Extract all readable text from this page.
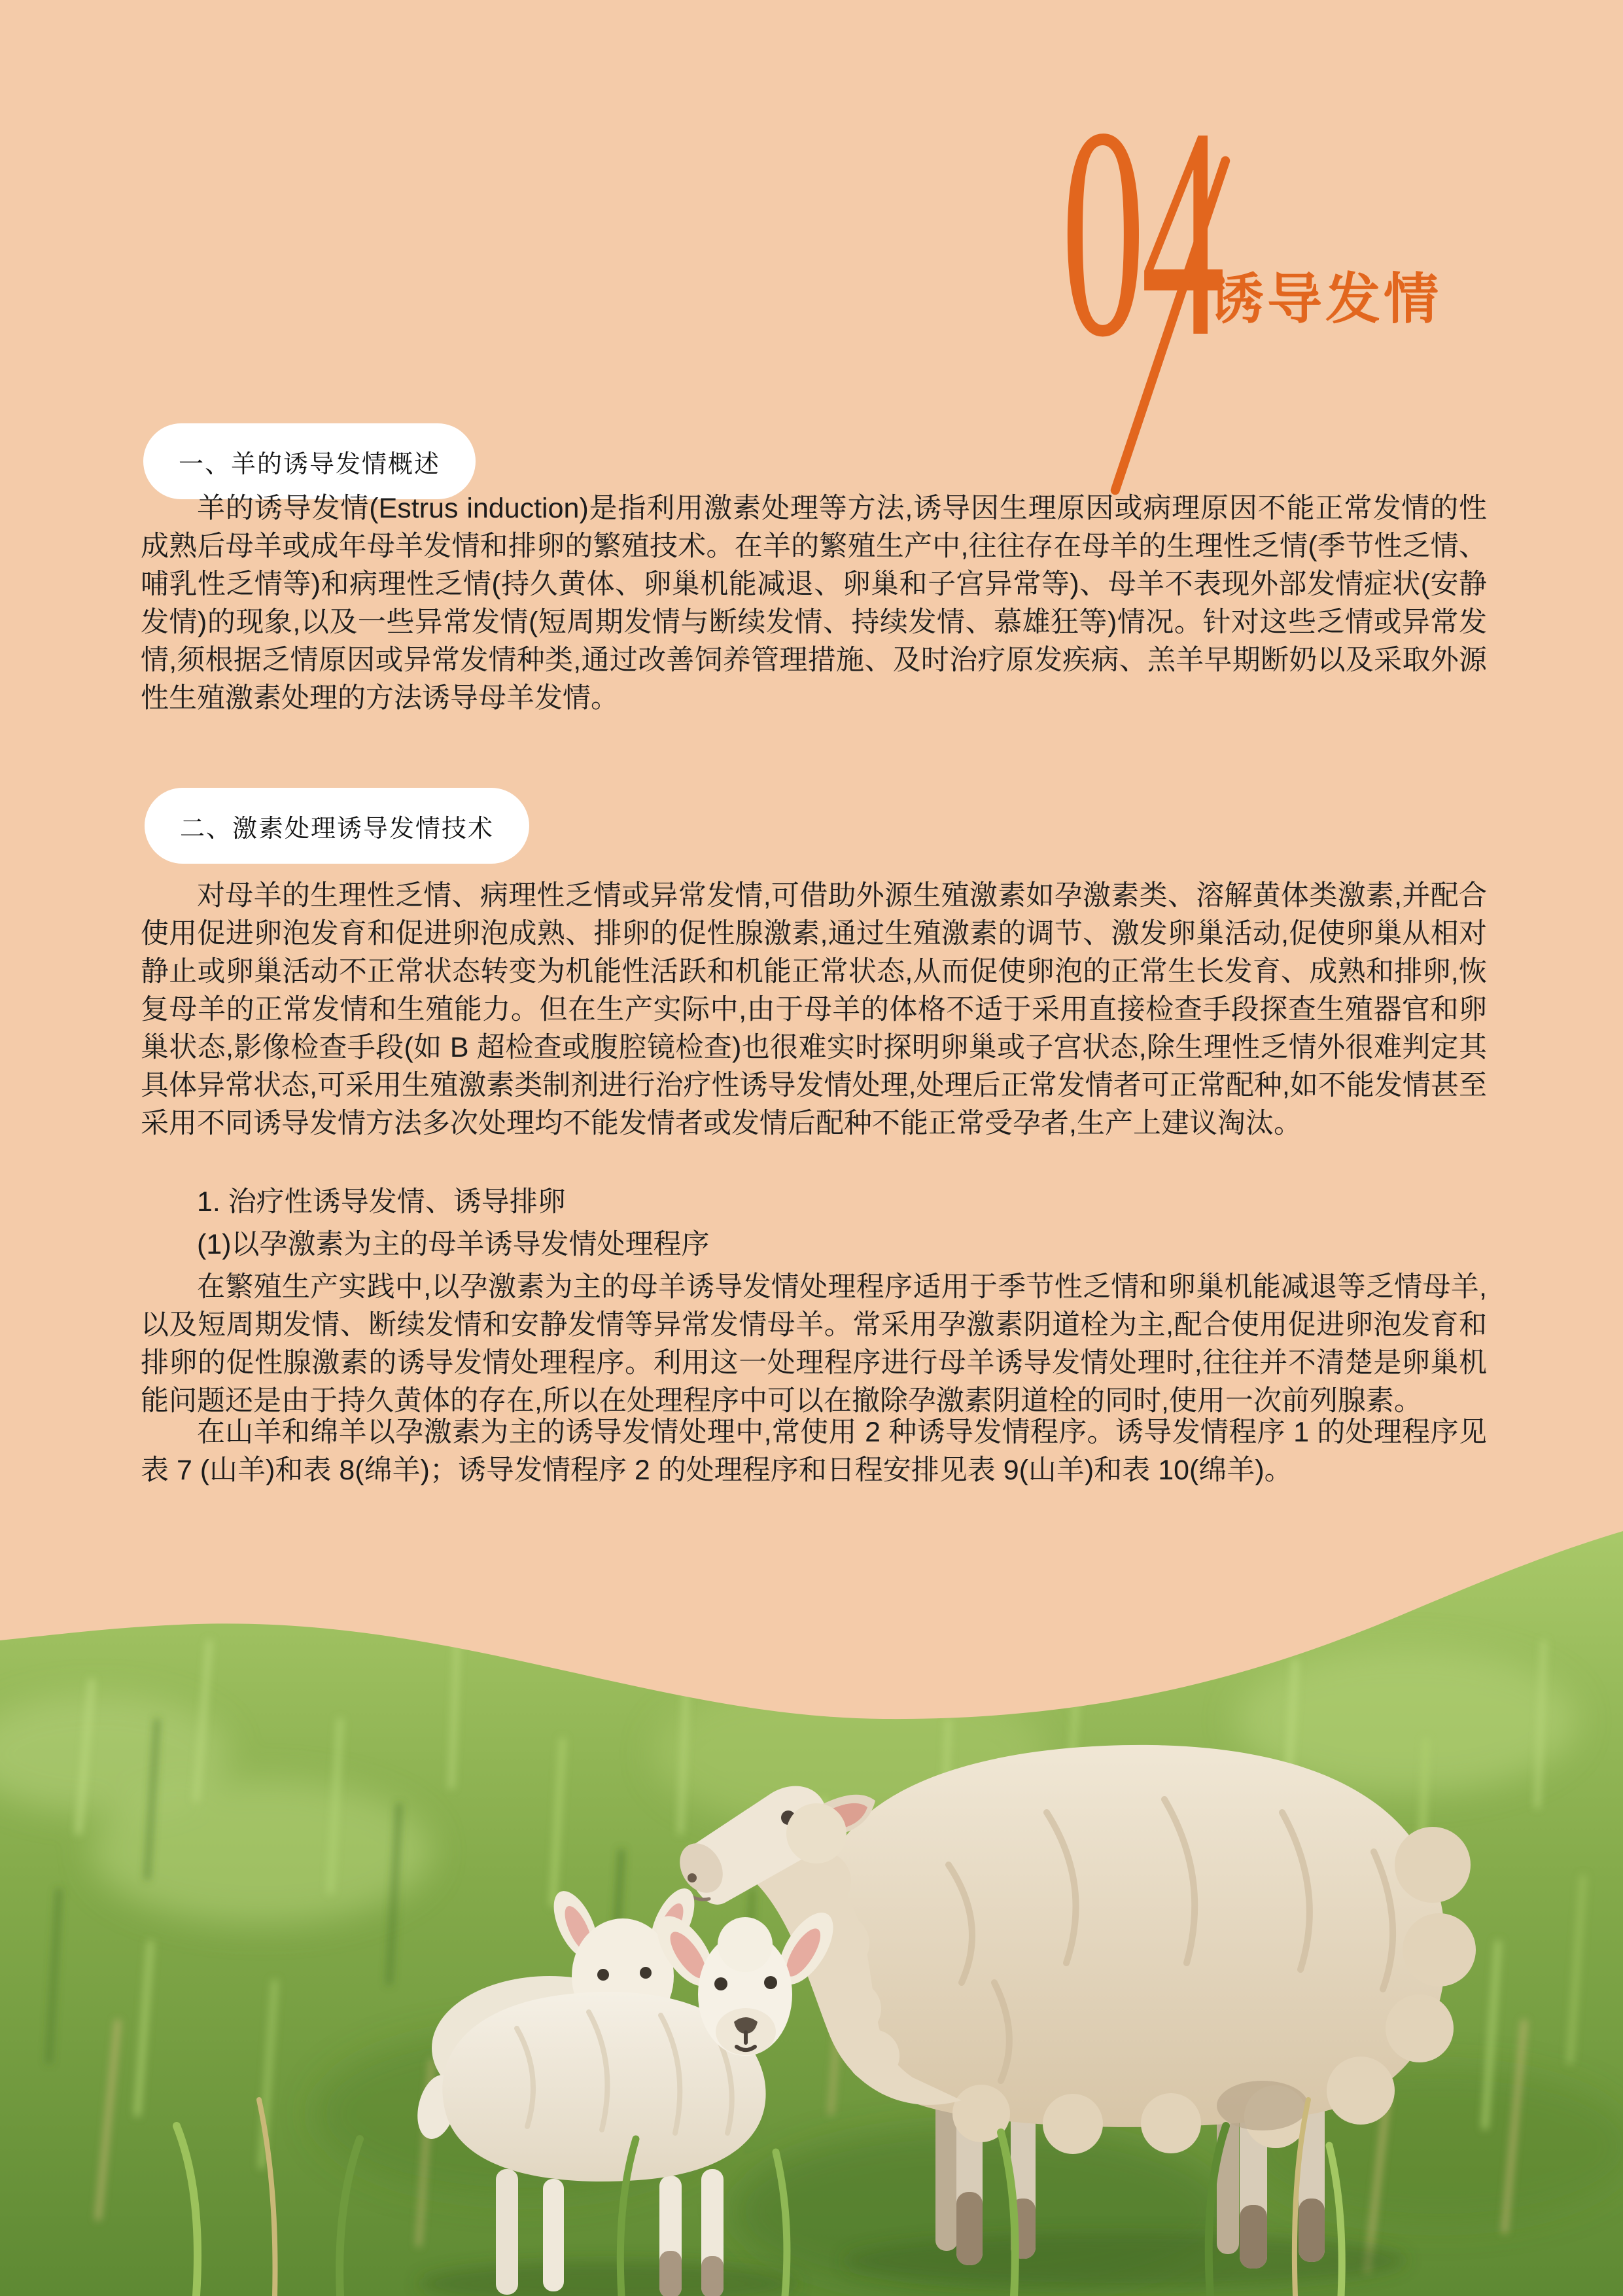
04
诱导发情
一、羊的诱导发情概述

羊的诱导发情(Estrus induction)是指利用激素处理等方法,诱导因生理原因或病理原因不能正常发情的性成熟后母羊或成年母羊发情和排卵的繁殖技术。在羊的繁殖生产中,往往存在母羊的生理性乏情(季节性乏情、哺乳性乏情等)和病理性乏情(持久黄体、卵巢机能减退、卵巢和子宫异常等)、母羊不表现外部发情症状(安静发情)的现象,以及一些异常发情(短周期发情与断续发情、持续发情、慕雄狂等)情况。针对这些乏情或异常发情,须根据乏情原因或异常发情种类,通过改善饲养管理措施、及时治疗原发疾病、羔羊早期断奶以及采取外源性生殖激素处理的方法诱导母羊发情。

二、激素处理诱导发情技术

对母羊的生理性乏情、病理性乏情或异常发情,可借助外源生殖激素如孕激素类、溶解黄体类激素,并配合使用促进卵泡发育和促进卵泡成熟、排卵的促性腺激素,通过生殖激素的调节、激发卵巢活动,促使卵巢从相对静止或卵巢活动不正常状态转变为机能性活跃和机能正常状态,从而促使卵泡的正常生长发育、成熟和排卵,恢复母羊的正常发情和生殖能力。但在生产实际中,由于母羊的体格不适于采用直接检查手段探查生殖器官和卵巢状态,影像检查手段(如 B 超检查或腹腔镜检查)也很难实时探明卵巢或子宫状态,除生理性乏情外很难判定其具体异常状态,可采用生殖激素类制剂进行治疗性诱导发情处理,处理后正常发情者可正常配种,如不能发情甚至采用不同诱导发情方法多次处理均不能发情者或发情后配种不能正常受孕者,生产上建议淘汰。

1. 治疗性诱导发情、诱导排卵

(1)以孕激素为主的母羊诱导发情处理程序

在繁殖生产实践中,以孕激素为主的母羊诱导发情处理程序适用于季节性乏情和卵巢机能减退等乏情母羊,以及短周期发情、断续发情和安静发情等异常发情母羊。常采用孕激素阴道栓为主,配合使用促进卵泡发育和排卵的促性腺激素的诱导发情处理程序。利用这一处理程序进行母羊诱导发情处理时,往往并不清楚是卵巢机能问题还是由于持久黄体的存在,所以在处理程序中可以在撤除孕激素阴道栓的同时,使用一次前列腺素。

在山羊和绵羊以孕激素为主的诱导发情处理中,常使用 2 种诱导发情程序。诱导发情程序 1 的处理程序见表 7 (山羊)和表 8(绵羊)；诱导发情程序 2 的处理程序和日程安排见表 9(山羊)和表 10(绵羊)。
